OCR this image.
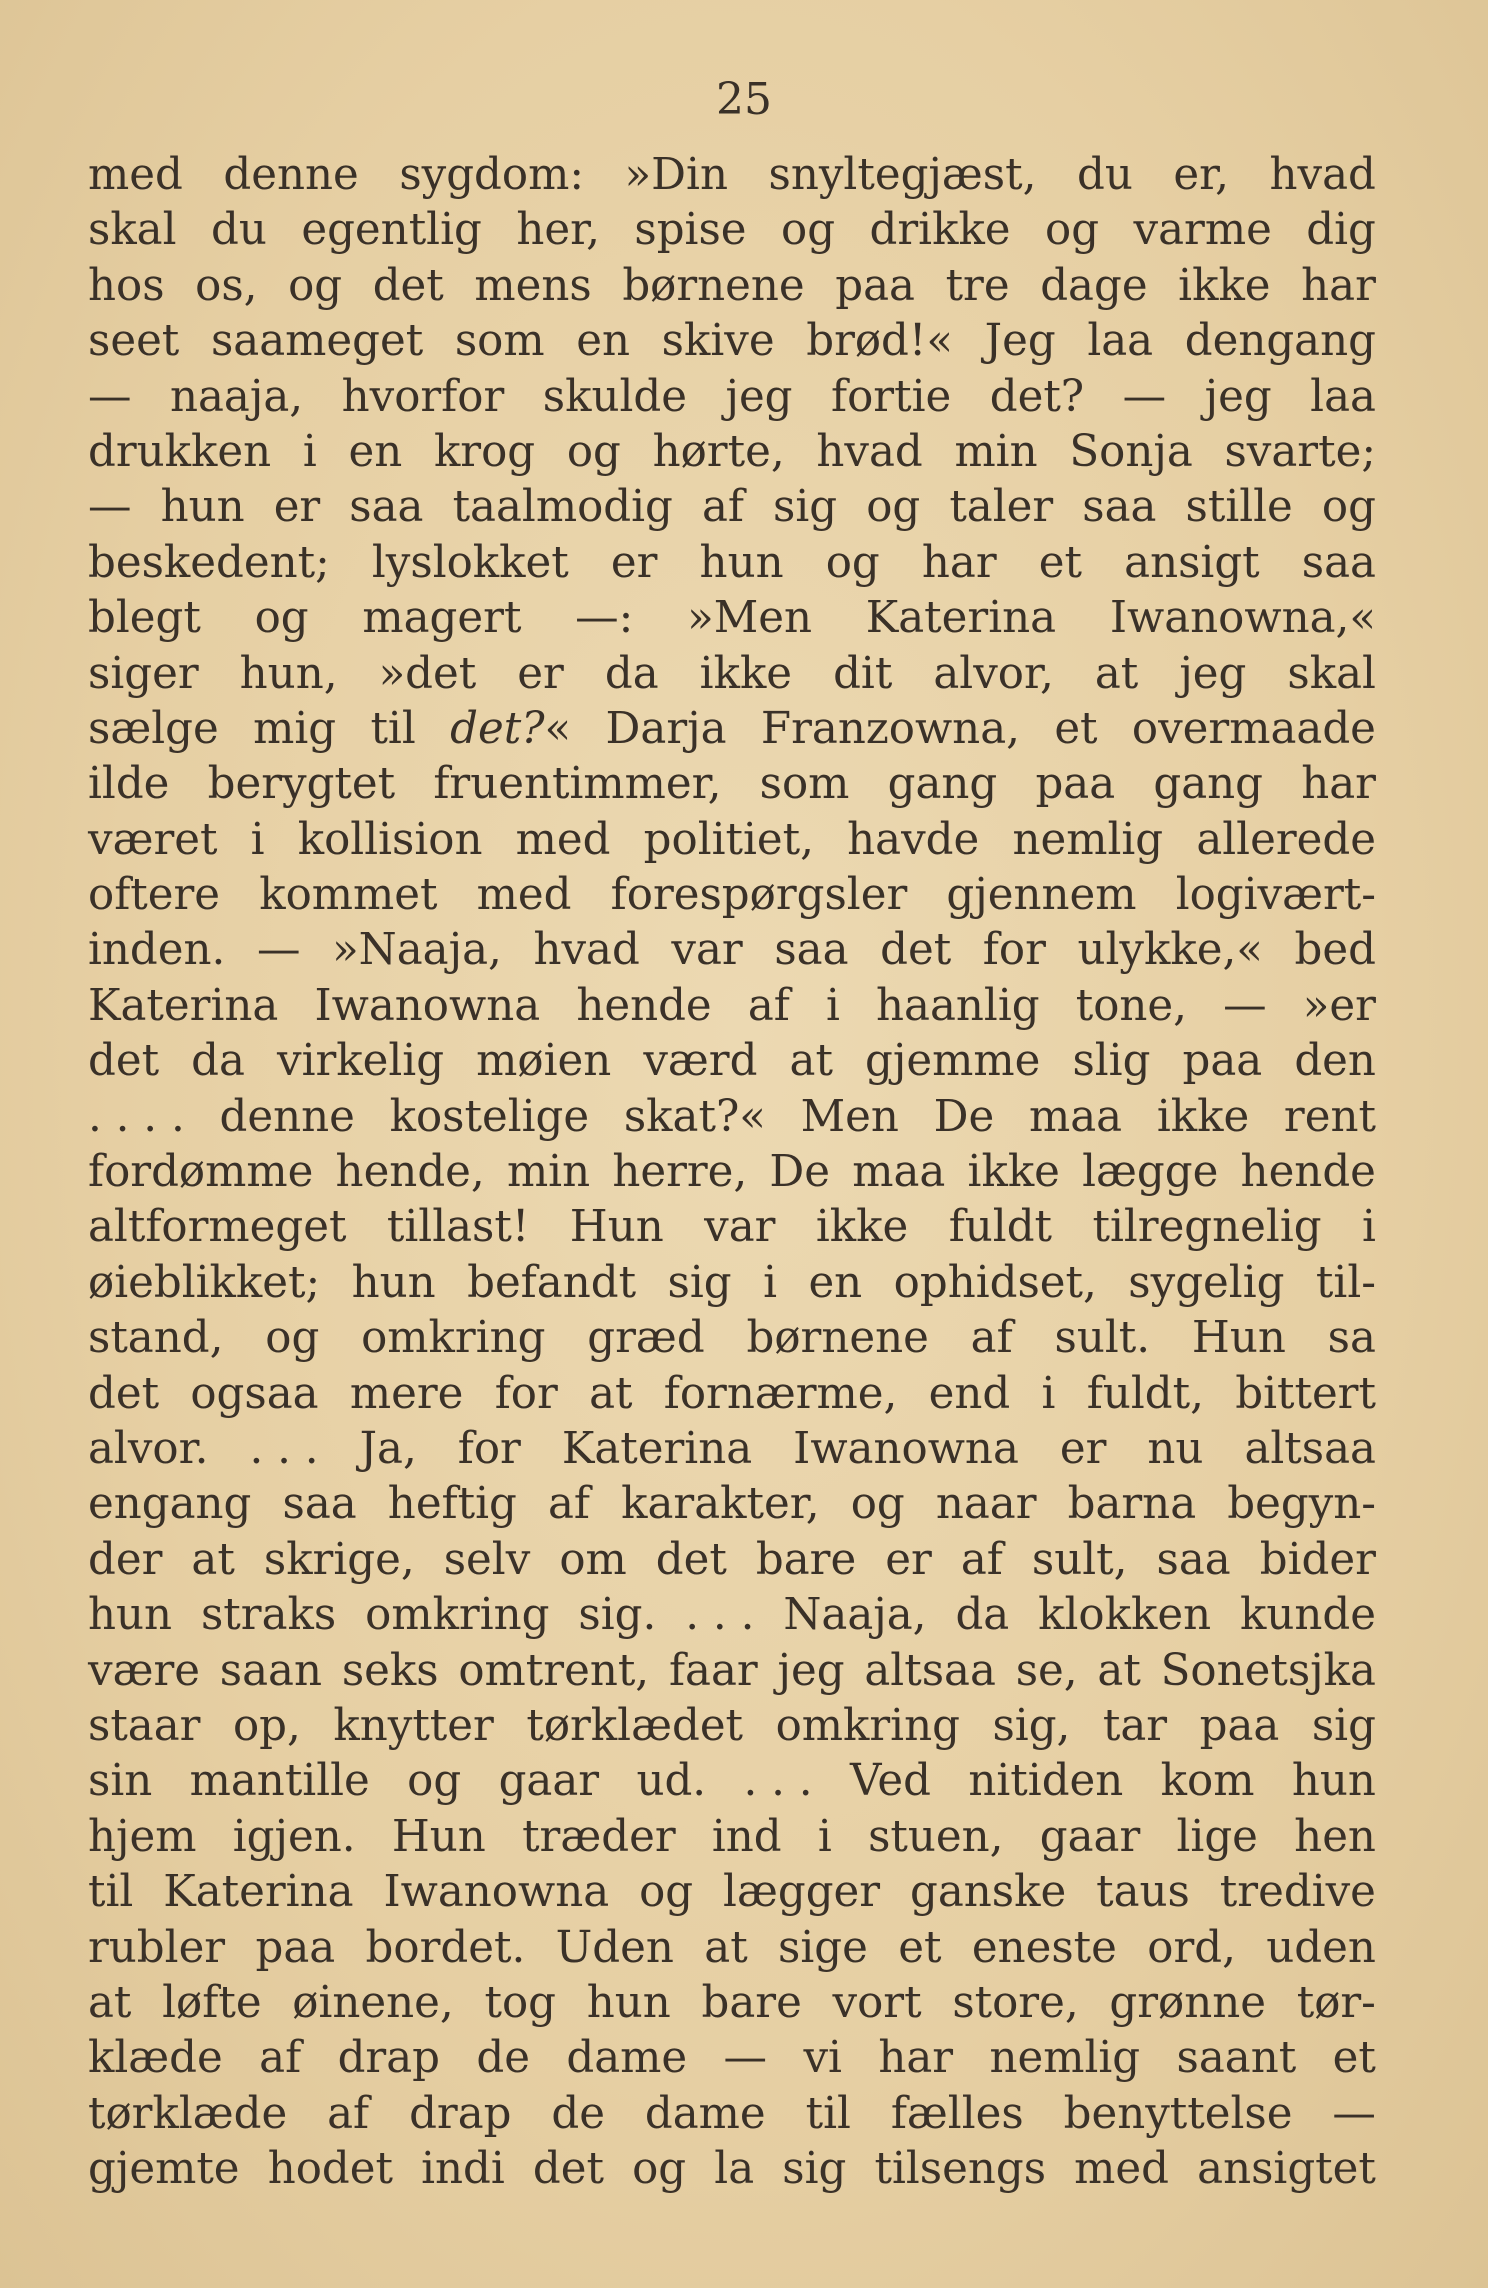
25
med denne sygdom: »Din snyltegjæst, du er, hvad
skal du egentlig her, spise og drikke og varme dig
hos os, og det mens børnene paa tre dage ikke har
seet saameget som en skive brød!« Jeg laa dengang
— naaja, hvorfor skulde jeg fortie det? — jeg laa
drukken i en krog og hørte, hvad min Sonja svarte;
— hun er saa taalmodig af sig og taler saa stille og
beskedent; lyslokket er hun og har et ansigt saa
blegt og magert —: »Men Katerina Iwanowna,«
siger hun, »det er da ikke dit alvor, at jeg skal
sælge mig til det?« Darja Franzowna, et overmaade
ilde berygtet fruentimmer, som gang paa gang har
været i kollision med politiet, havde nemlig allerede
oftere kommet med forespørgsler gjennem logivært-
inden. — »Naaja, hvad var saa det for ulykke,« bed
Katerina Iwanowna hende af i haanlig tone, — »er
det da virkelig møien værd at gjemme slig paa den
. . . . denne kostelige skat?« Men De maa ikke rent
fordømme hende, min herre, De maa ikke lægge hende
altformeget tillast! Hun var ikke fuldt tilregnelig i
øieblikket; hun befandt sig i en ophidset, sygelig til-
stand, og omkring græd børnene af sult. Hun sa
det ogsaa mere for at fornærme, end i fuldt, bittert
alvor. . . . Ja, for Katerina Iwanowna er nu altsaa
engang saa heftig af karakter, og naar barna begyn-
der at skrige, selv om det bare er af sult, saa bider
hun straks omkring sig. . . . Naaja, da klokken kunde
være saan seks omtrent, faar jeg altsaa se, at Sonetsjka
staar op, knytter tørklædet omkring sig, tar paa sig
sin mantille og gaar ud. . . . Ved nitiden kom hun
hjem igjen. Hun træder ind i stuen, gaar lige hen
til Katerina Iwanowna og lægger ganske taus tredive
rubler paa bordet. Uden at sige et eneste ord, uden
at løfte øinene, tog hun bare vort store, grønne tør-
klæde af drap de dame — vi har nemlig saant et
tørklæde af drap de dame til fælles benyttelse —
gjemte hodet indi det og la sig tilsengs med ansigtet
